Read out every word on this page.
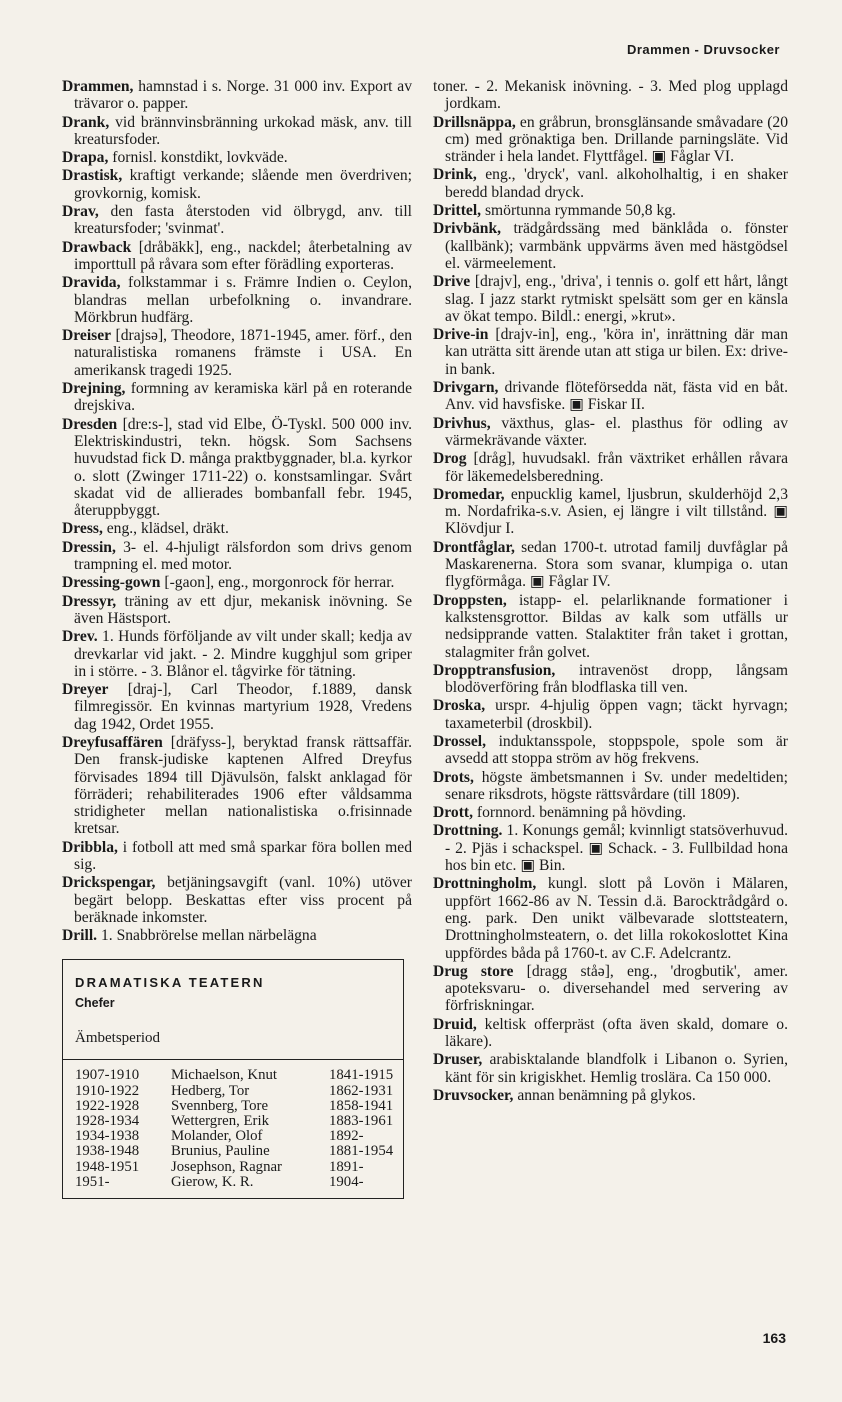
Drammen - Druvsocker
Drammen, hamnstad i s. Norge. 31 000 inv. Export av trävaror o. papper.
Drank, vid brännvinsbränning urkokad mäsk, anv. till kreatursfoder.
Drapa, fornisl. konstdikt, lovkväde.
Drastisk, kraftigt verkande; slående men överdriven; grovkornig, komisk.
Drav, den fasta återstoden vid ölbrygd, anv. till kreatursfoder; 'svinmat'.
Drawback [dråbäkk], eng., nackdel; återbetalning av importtull på råvara som efter förädling exporteras.
Dravida, folkstammar i s. Främre Indien o. Ceylon, blandras mellan urbefolkning o. invandrare. Mörkbrun hudfärg.
Dreiser [drajsə], Theodore, 1871-1945, amer. förf., den naturalistiska romanens främste i USA. En amerikansk tragedi 1925.
Drejning, formning av keramiska kärl på en roterande drejskiva.
Dresden [dre:s-], stad vid Elbe, Ö-Tyskl. 500 000 inv. Elektriskindustri, tekn. högsk. Som Sachsens huvudstad fick D. många praktbyggnader, bl.a. kyrkor o. slott (Zwinger 1711-22) o. konstsamlingar. Svårt skadat vid de allierades bombanfall febr. 1945, återuppbyggt.
Dress, eng., klädsel, dräkt.
Dressin, 3- el. 4-hjuligt rälsfordon som drivs genom trampning el. med motor.
Dressing-gown [-gaon], eng., morgonrock för herrar.
Dressyr, träning av ett djur, mekanisk inövning. Se även Hästsport.
Drev. 1. Hunds förföljande av vilt under skall; kedja av drevkarlar vid jakt. - 2. Mindre kugghjul som griper in i större. - 3. Blånor el. tågvirke för tätning.
Dreyer [draj-], Carl Theodor, f.1889, dansk filmregissör. En kvinnas martyrium 1928, Vredens dag 1942, Ordet 1955.
Dreyfusaffären [dräfyss-], beryktad fransk rättsaffär. Den fransk-judiske kaptenen Alfred Dreyfus förvisades 1894 till Djävulsön, falskt anklagad för förräderi; rehabiliterades 1906 efter våldsamma stridigheter mellan nationalistiska o.frisinnade kretsar.
Dribbla, i fotboll att med små sparkar föra bollen med sig.
Drickspengar, betjäningsavgift (vanl. 10%) utöver begärt belopp. Beskattas efter viss procent på beräknade inkomster.
Drill. 1. Snabbrörelse mellan närbelägna
DRAMATISKA TEATERN
Chefer
Ämbetsperiod
1907-1910	Michaelson, Knut	1841-1915
1910-1922	Hedberg, Tor	1862-1931
1922-1928	Svennberg, Tore	1858-1941
1928-1934	Wettergren, Erik	1883-1961
1934-1938	Molander, Olof	1892-
1938-1948	Brunius, Pauline	1881-1954
1948-1951	Josephson, Ragnar	1891-
1951-	Gierow, K. R.	1904-
toner. - 2. Mekanisk inövning. - 3. Med plog upplagd jordkam.
Drillsnäppa, en gråbrun, bronsglänsande småvadare (20 cm) med grönaktiga ben. Drillande parningsläte. Vid stränder i hela landet. Flyttfågel. ▣ Fåglar VI.
Drink, eng., 'dryck', vanl. alkoholhaltig, i en shaker beredd blandad dryck.
Drittel, smörtunna rymmande 50,8 kg.
Drivbänk, trädgårdssäng med bänklåda o. fönster (kallbänk); varmbänk uppvärms även med hästgödsel el. värmeelement.
Drive [drajv], eng., 'driva', i tennis o. golf ett hårt, långt slag. I jazz starkt rytmiskt spelsätt som ger en känsla av ökat tempo. Bildl.: energi, »krut».
Drive-in [drajv-in], eng., 'köra in', inrättning där man kan uträtta sitt ärende utan att stiga ur bilen. Ex: drive-in bank.
Drivgarn, drivande flöteförsedda nät, fästa vid en båt. Anv. vid havsfiske. ▣ Fiskar II.
Drivhus, växthus, glas- el. plasthus för odling av värmekrävande växter.
Drog [dråg], huvudsakl. från växtriket erhållen råvara för läkemedelsberedning.
Dromedar, enpucklig kamel, ljusbrun, skulderhöjd 2,3 m. Nordafrika-s.v. Asien, ej längre i vilt tillstånd. ▣ Klövdjur I.
Drontfåglar, sedan 1700-t. utrotad familj duvfåglar på Maskarenerna. Stora som svanar, klumpiga o. utan flygförmåga. ▣ Fåglar IV.
Droppsten, istapp- el. pelarliknande formationer i kalkstensgrottor. Bildas av kalk som utfälls ur nedsipprande vatten. Stalaktiter från taket i grottan, stalagmiter från golvet.
Dropptransfusion, intravenöst dropp, långsam blodöverföring från blodflaska till ven.
Droska, urspr. 4-hjulig öppen vagn; täckt hyrvagn; taxameterbil (droskbil).
Drossel, induktansspole, stoppspole, spole som är avsedd att stoppa ström av hög frekvens.
Drots, högste ämbetsmannen i Sv. under medeltiden; senare riksdrots, högste rättsvårdare (till 1809).
Drott, fornnord. benämning på hövding.
Drottning. 1. Konungs gemål; kvinnligt statsöverhuvud. - 2. Pjäs i schackspel. ▣ Schack. - 3. Fullbildad hona hos bin etc. ▣ Bin.
Drottningholm, kungl. slott på Lovön i Mälaren, uppfört 1662-86 av N. Tessin d.ä. Barocktrådgård o. eng. park. Den unikt välbevarade slottsteatern, Drottningholmsteatern, o. det lilla rokokoslottet Kina uppfördes båda på 1760-t. av C.F. Adelcrantz.
Drug store [dragg ståə], eng., 'drogbutik', amer. apoteksvaru- o. diversehandel med servering av förfriskningar.
Druid, keltisk offerpräst (ofta även skald, domare o. läkare).
Druser, arabisktalande blandfolk i Libanon o. Syrien, känt för sin krigiskhet. Hemlig troslära. Ca 150 000.
Druvsocker, annan benämning på glykos.
163
